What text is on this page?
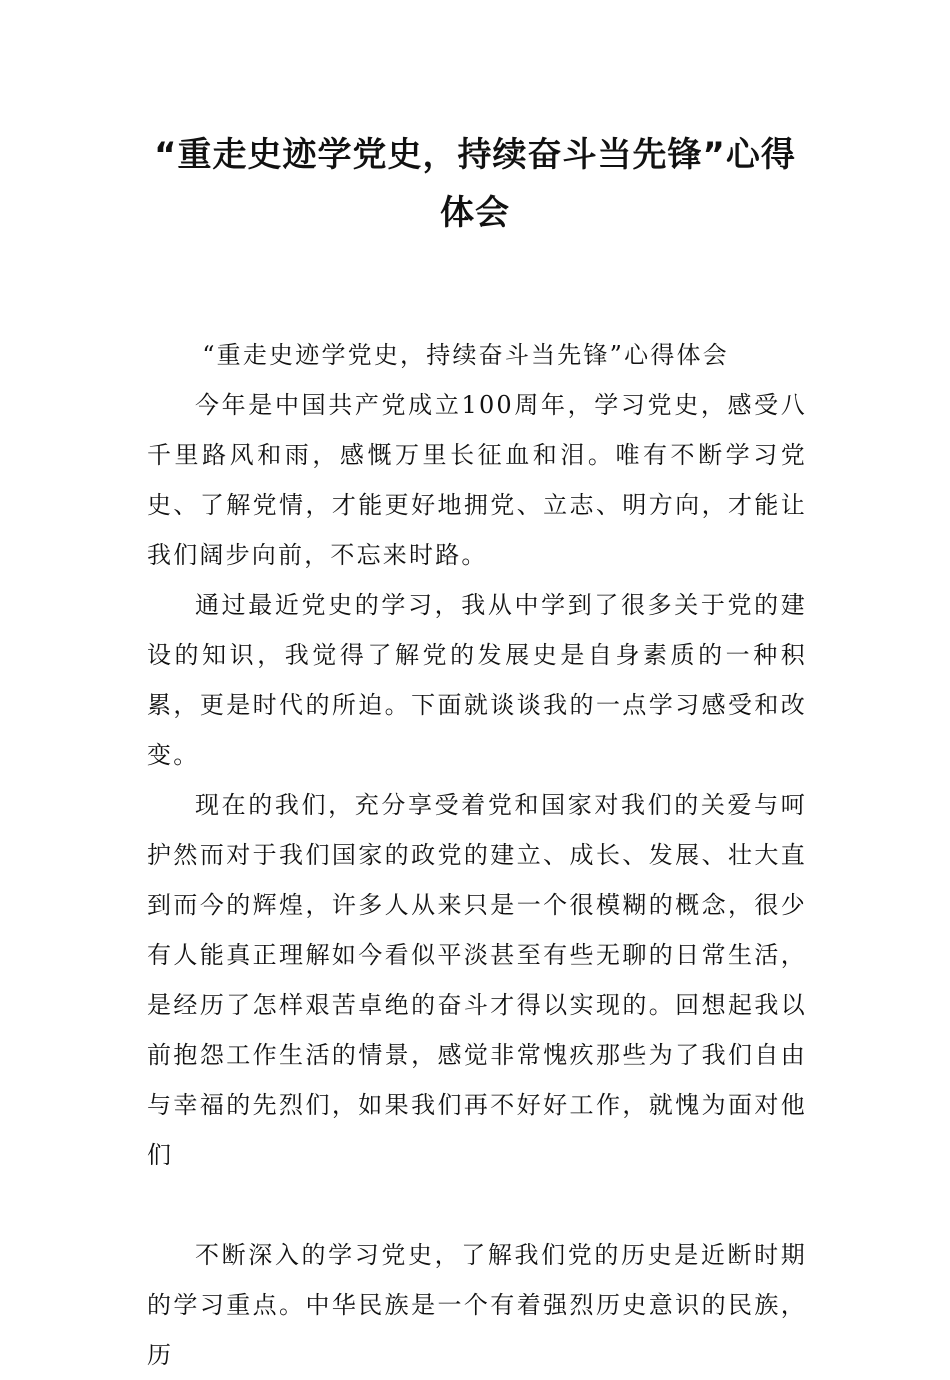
“重走史迹学党史，持续奋斗当先锋”心得体会

“重走史迹学党史，持续奋斗当先锋”心得体会

今年是中国共产党成立100周年，学习党史，感受八千里路风和雨，感慨万里长征血和泪。唯有不断学习党史、了解党情，才能更好地拥党、立志、明方向，才能让我们阔步向前，不忘来时路。

通过最近党史的学习，我从中学到了很多关于党的建设的知识，我觉得了解党的发展史是自身素质的一种积累，更是时代的所迫。下面就谈谈我的一点学习感受和改变。

现在的我们，充分享受着党和国家对我们的关爱与呵护然而对于我们国家的政党的建立、成长、发展、壮大直到而今的辉煌，许多人从来只是一个很模糊的概念，很少有人能真正理解如今看似平淡甚至有些无聊的日常生活，是经历了怎样艰苦卓绝的奋斗才得以实现的。回想起我以前抱怨工作生活的情景，感觉非常愧疚那些为了我们自由与幸福的先烈们，如果我们再不好好工作，就愧为面对他们

不断深入的学习党史，了解我们党的历史是近断时期的学习重点。中华民族是一个有着强烈历史意识的民族，历
